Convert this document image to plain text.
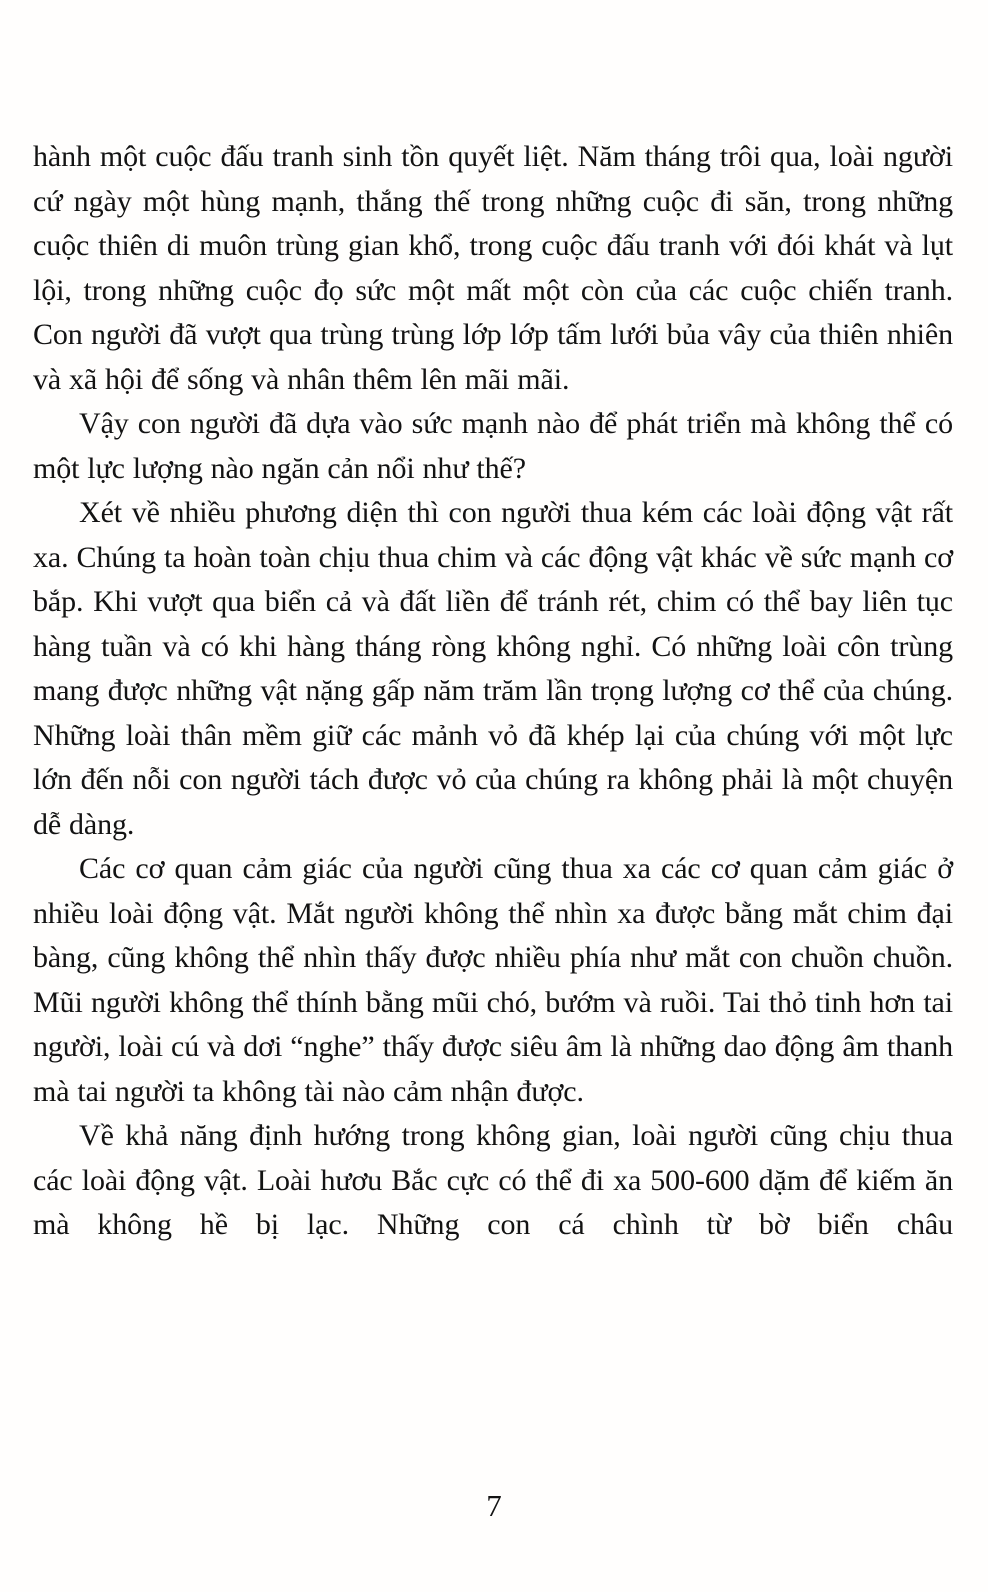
hành một cuộc đấu tranh sinh tồn quyết liệt. Năm tháng trôi qua, loài người cứ ngày một hùng mạnh, thắng thế trong những cuộc đi săn, trong những cuộc thiên di muôn trùng gian khổ, trong cuộc đấu tranh với đói khát và lụt lội, trong những cuộc đọ sức một mất một còn của các cuộc chiến tranh. Con người đã vượt qua trùng trùng lớp lớp tấm lưới bủa vây của thiên nhiên và xã hội để sống và nhân thêm lên mãi mãi.

Vậy con người đã dựa vào sức mạnh nào để phát triển mà không thể có một lực lượng nào ngăn cản nổi như thế?

Xét về nhiều phương diện thì con người thua kém các loài động vật rất xa. Chúng ta hoàn toàn chịu thua chim và các động vật khác về sức mạnh cơ bắp. Khi vượt qua biển cả và đất liền để tránh rét, chim có thể bay liên tục hàng tuần và có khi hàng tháng ròng không nghỉ. Có những loài côn trùng mang được những vật nặng gấp năm trăm lần trọng lượng cơ thể của chúng. Những loài thân mềm giữ các mảnh vỏ đã khép lại của chúng với một lực lớn đến nỗi con người tách được vỏ của chúng ra không phải là một chuyện dễ dàng.

Các cơ quan cảm giác của người cũng thua xa các cơ quan cảm giác ở nhiều loài động vật. Mắt người không thể nhìn xa được bằng mắt chim đại bàng, cũng không thể nhìn thấy được nhiều phía như mắt con chuồn chuồn. Mũi người không thể thính bằng mũi chó, bướm và ruồi. Tai thỏ tinh hơn tai người, loài cú và dơi “nghe” thấy được siêu âm là những dao động âm thanh mà tai người ta không tài nào cảm nhận được.

Về khả năng định hướng trong không gian, loài người cũng chịu thua các loài động vật. Loài hươu Bắc cực có thể đi xa 500-600 dặm để kiếm ăn mà không hề bị lạc. Những con cá chình từ bờ biển châu

7
